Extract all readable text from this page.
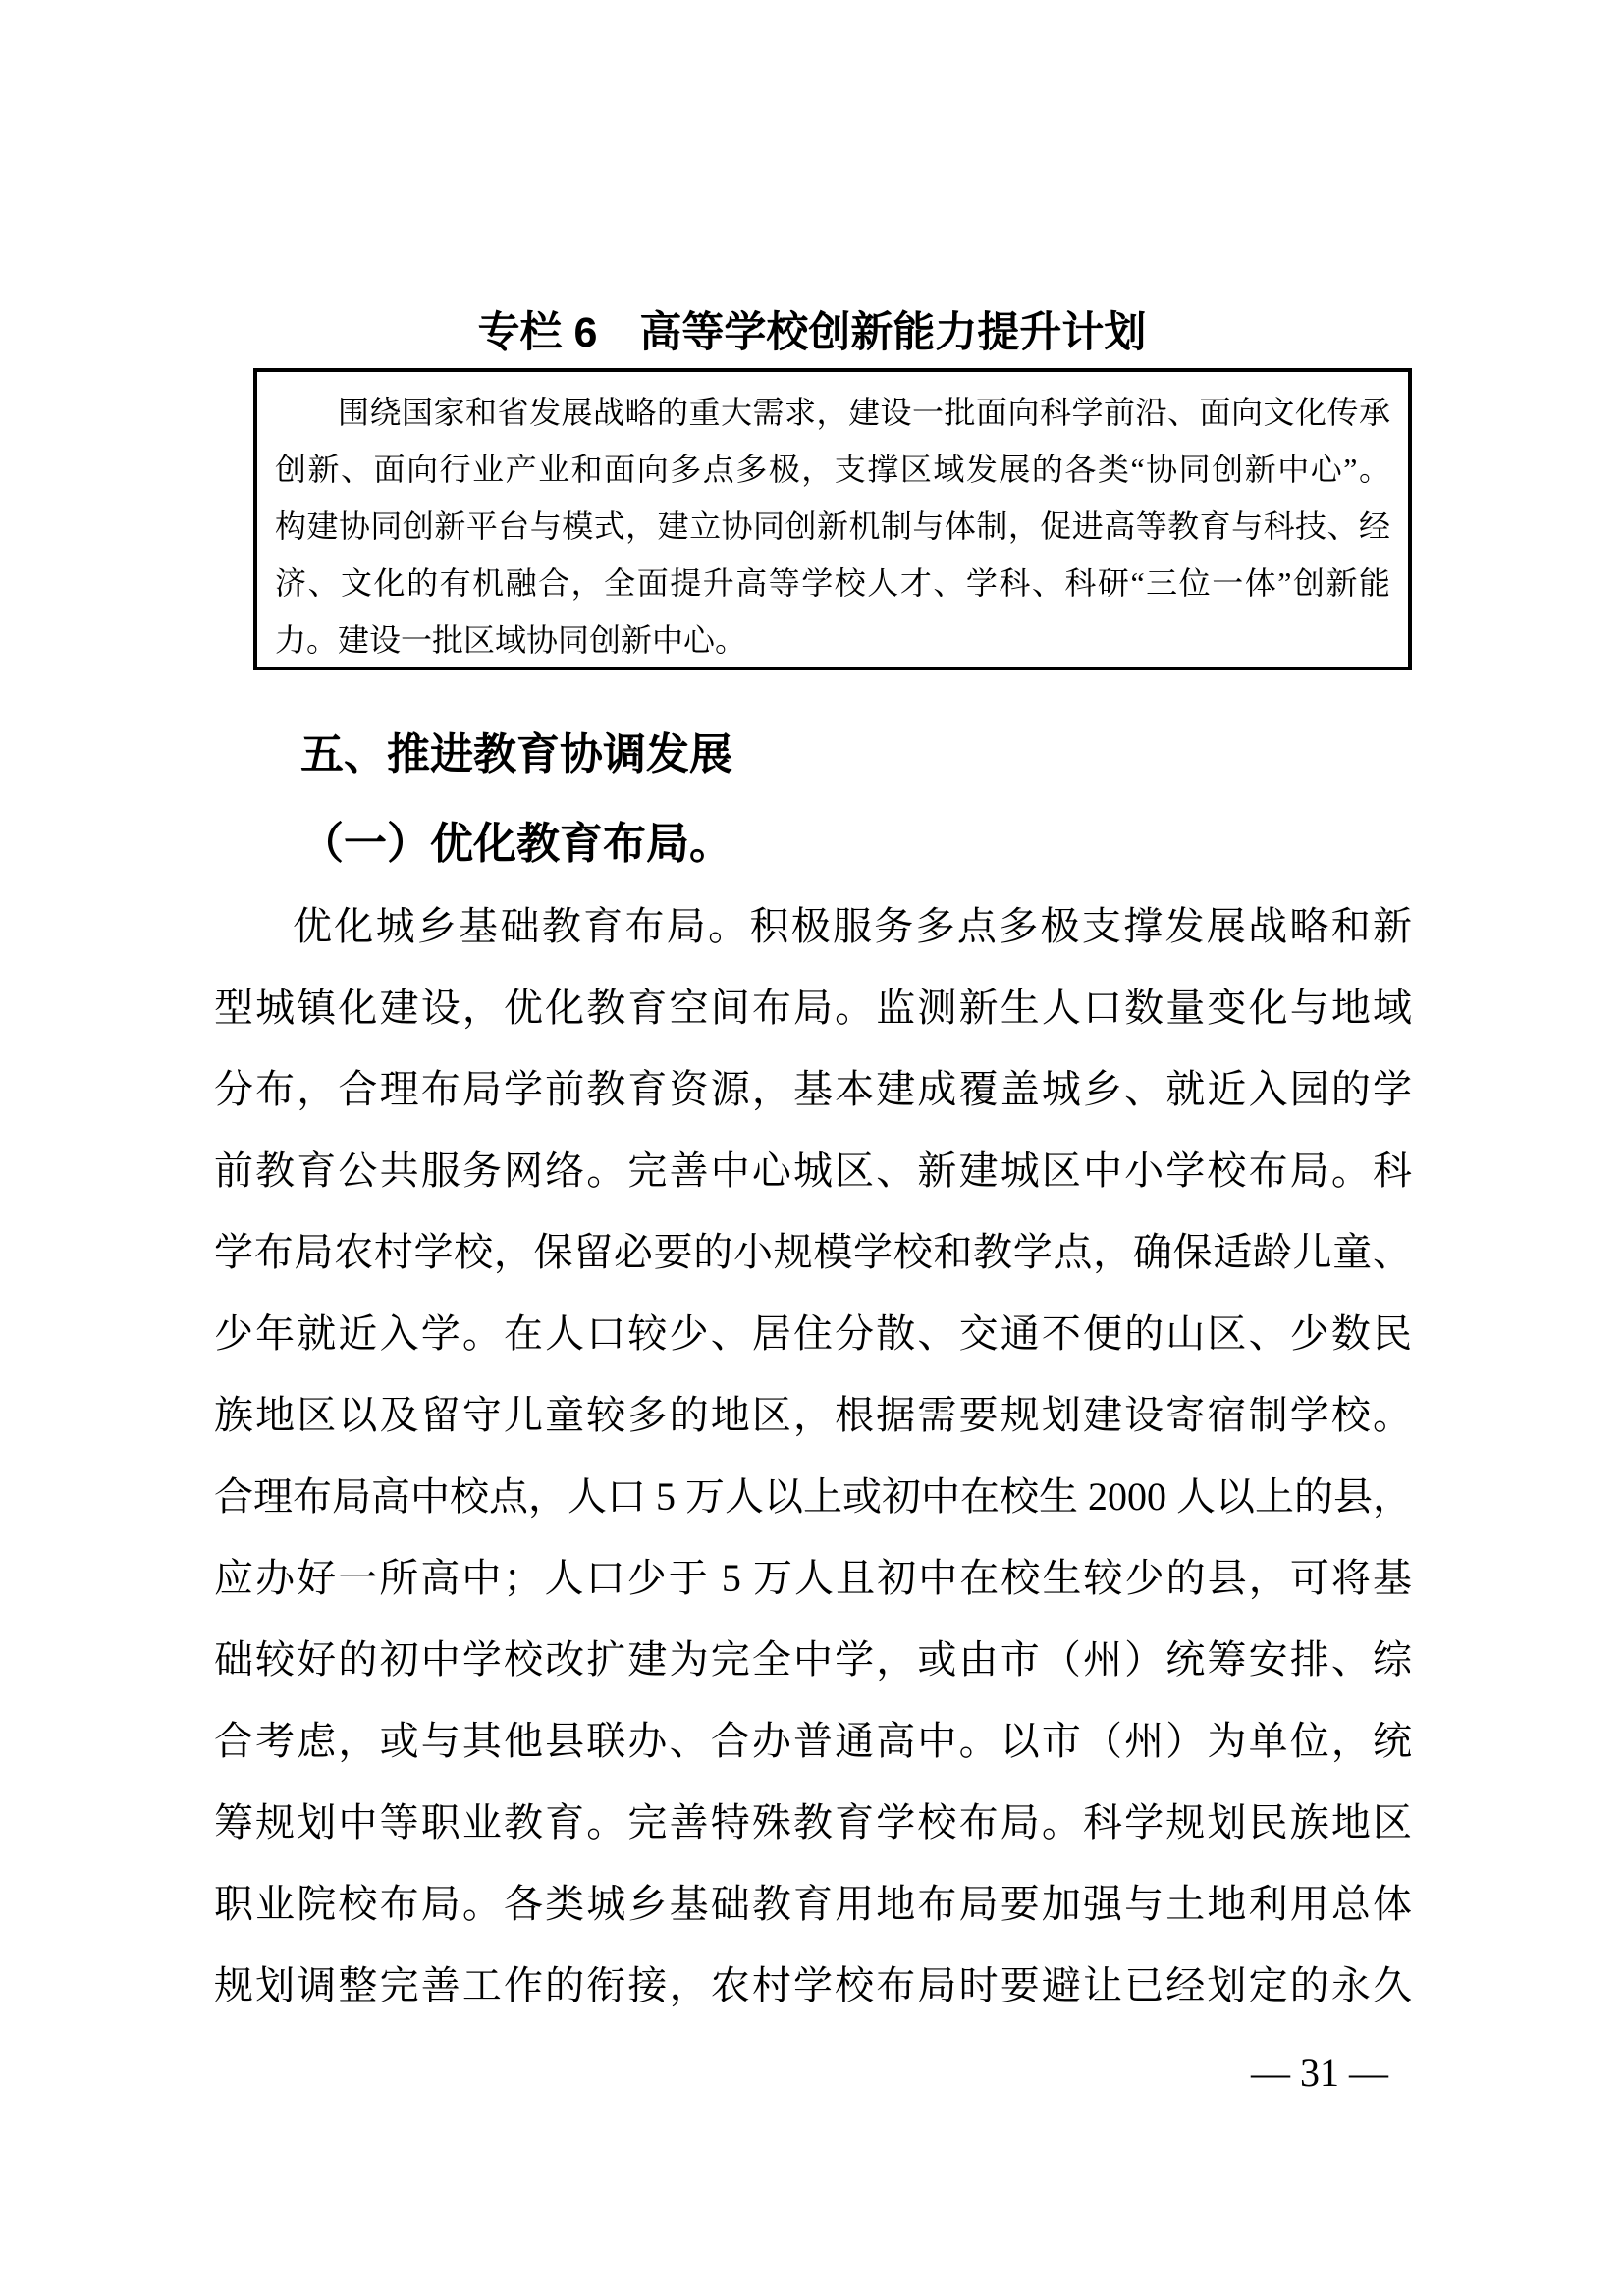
专栏 6　高等学校创新能力提升计划

围绕国家和省发展战略的重大需求，建设一批面向科学前沿、面向文化传承

创新、面向行业产业和面向多点多极，支撑区域发展的各类“协同创新中心”。

构建协同创新平台与模式，建立协同创新机制与体制，促进高等教育与科技、经

济、文化的有机融合，全面提升高等学校人才、学科、科研“三位一体”创新能

力。建设一批区域协同创新中心。

五、推进教育协调发展
（一）优化教育布局。

优化城乡基础教育布局。积极服务多点多极支撑发展战略和新

型城镇化建设，优化教育空间布局。监测新生人口数量变化与地域

分布，合理布局学前教育资源，基本建成覆盖城乡、就近入园的学

前教育公共服务网络。完善中心城区、新建城区中小学校布局。科

学布局农村学校，保留必要的小规模学校和教学点，确保适龄儿童、

少年就近入学。在人口较少、居住分散、交通不便的山区、少数民

族地区以及留守儿童较多的地区，根据需要规划建设寄宿制学校。

合理布局高中校点，人口 5 万人以上或初中在校生 2000 人以上的县，

应办好一所高中；人口少于 5 万人且初中在校生较少的县，可将基

础较好的初中学校改扩建为完全中学，或由市（州）统筹安排、综

合考虑，或与其他县联办、合办普通高中。以市（州）为单位，统

筹规划中等职业教育。完善特殊教育学校布局。科学规划民族地区

职业院校布局。各类城乡基础教育用地布局要加强与土地利用总体

规划调整完善工作的衔接，农村学校布局时要避让已经划定的永久

— 31 —
